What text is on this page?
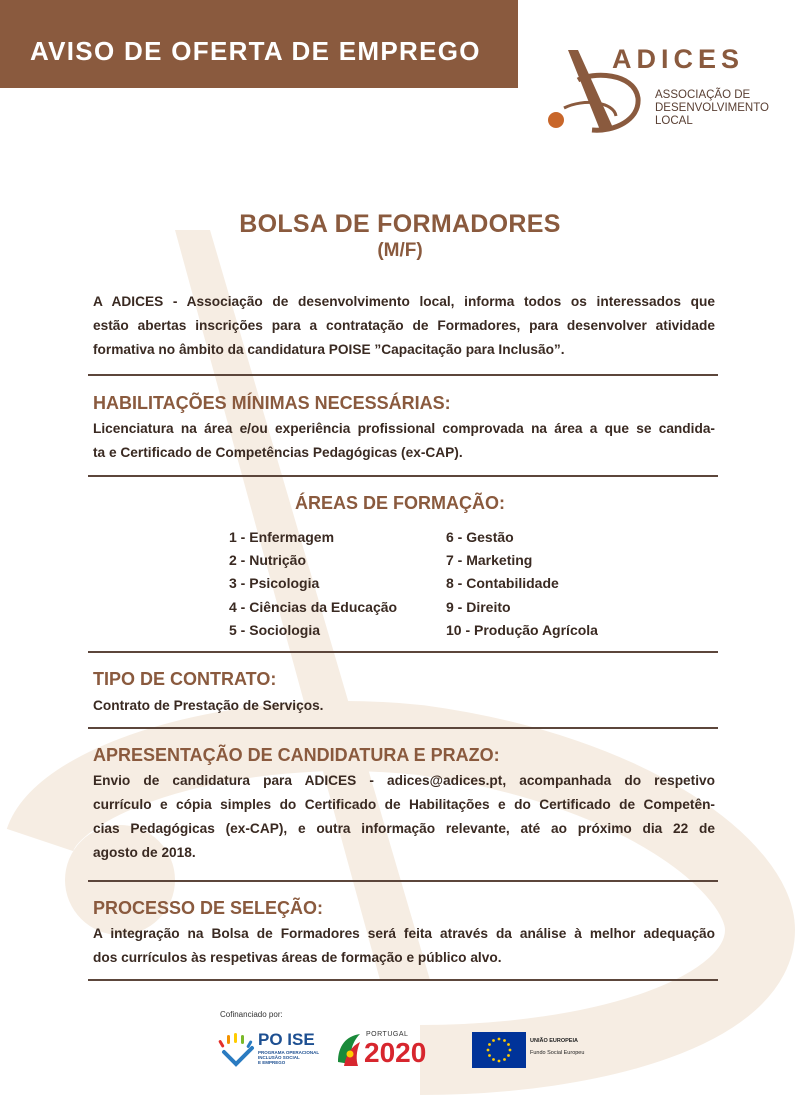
AVISO DE OFERTA DE EMPREGO	ADICES
ASSOCIAÇÃO DE
DESENVOLVIMENTO
LOCAL
BOLSA DE FORMADORES
(M/F)
A ADICES - Associação de desenvolvimento local, informa todos os interessados que
estão abertas inscrições para a contratação de Formadores, para desenvolver atividade
formativa no âmbito da candidatura POISE ”Capacitação para Inclusão”.
HABILITAÇÕES MÍNIMAS NECESSÁRIAS:
Licenciatura na área e/ou experiência profissional comprovada na área a que se candida-
ta e Certificado de Competências Pedagógicas (ex-CAP).
ÁREAS DE FORMAÇÃO:
1 - Enfermagem
2 - Nutrição
3 - Psicologia
4 - Ciências da Educação
5 - Sociologia
6 - Gestão
7 - Marketing
8 - Contabilidade
9 - Direito
10 - Produção Agrícola
TIPO DE CONTRATO:
Contrato de Prestação de Serviços.
APRESENTAÇÃO DE CANDIDATURA E PRAZO:
Envio de candidatura para ADICES - adices@adices.pt, acompanhada do respetivo
currículo e cópia simples do Certificado de Habilitações e do Certificado de Competên-
cias Pedagógicas (ex-CAP), e outra informação relevante, até ao próximo dia 22 de
agosto de 2018.
PROCESSO DE SELEÇÃO:
A integração na Bolsa de Formadores será feita através da análise à melhor adequação
dos currículos às respetivas áreas de formação e público alvo.
Cofinanciado por:
PO ISE
PROGRAMA OPERACIONAL
INCLUSÃO SOCIAL
E EMPREGO
PORTUGAL
2020	UNIÃO EUROPEIA
Fundo Social Europeu
